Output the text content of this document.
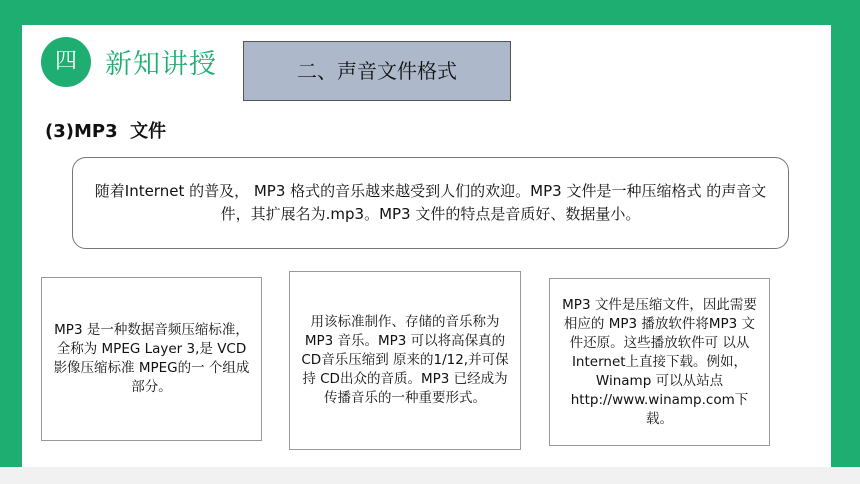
四	新知讲授	二、声音文件格式
(3)MP3  文件
随着Internet 的普及， MP3 格式的音乐越来越受到人们的欢迎。MP3 文件是一种压缩格式 的声音文件，其扩展名为.mp3。MP3 文件的特点是音质好、数据量小。
MP3 是一种数据音频压缩标准，全称为 MPEG Layer 3,是 VCD影像压缩标准 MPEG的一 个组成部分。
用该标准制作、存储的音乐称为MP3 音乐。MP3 可以将高保真的 CD音乐压缩到 原来的1/12,并可保持 CD出众的音质。MP3 已经成为传播音乐的一种重要形式。
MP3 文件是压缩文件，因此需要相应的 MP3 播放软件将MP3 文件还原。这些播放软件可 以从 Internet上直接下载。例如，Winamp 可以从站点http://www.winamp.com下载。
